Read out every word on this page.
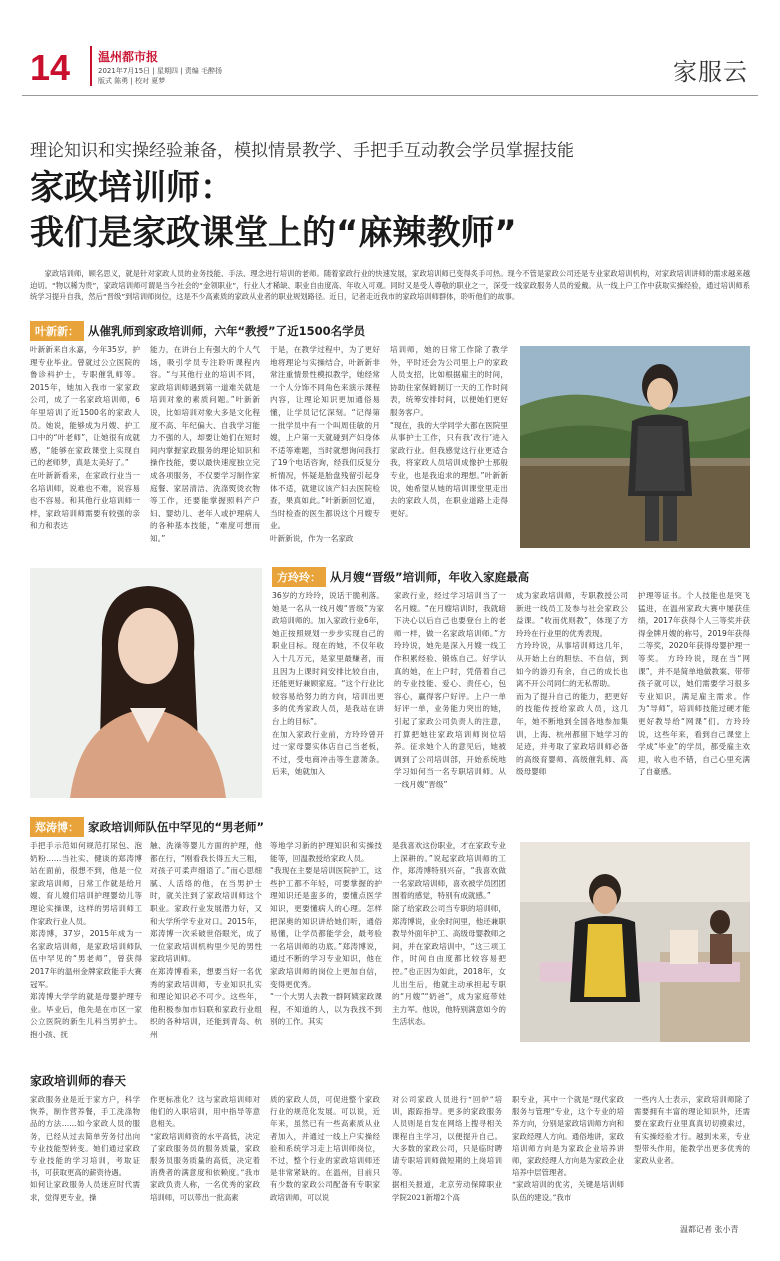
14 温州都市报
2021年7月15日 | 星期四 | 责编 毛醉扬
版式 陈勇 | 校对 夏梦	家服云
理论知识和实操经验兼备，模拟情景教学、手把手互动教会学员掌握技能
家政培训师：
我们是家政课堂上的“麻辣教师”

家政培训师，顾名思义，就是针对家政人员的业务技能、手法、理念进行培训的老师。随着家政行业的快速发展，家政培训师已变得炙手可热。现今不管是家政公司还是专业家政培训机构，对家政培训讲师的需求越来越迫切。“物以稀为贵”，家政培训师可谓是当今社会的“金领职业”，行业人才稀缺、职业自由度高、年收入可观。同时又是受人尊敬的职业之一，深受一线家政服务人员的爱戴。从一线上户工作中获取实操经验，通过培训师系统学习提升自我，然后“晋级”到培训师岗位，这是不少高素质的家政从业者的职业规划路径。近日，记者走近我市的家政培训师群体，聆听他们的故事。

叶新新： 从催乳师到家政培训师，六年“教授”了近1500名学员

叶新新来自永嘉，今年35岁，护理专业毕业。曾就过公立医院的鲁诊科护士，专职催乳师等。2015年，她加入我市一家家政公司，成了一名家政培训师，6年里培训了近1500名的家政人员。她说，能够成为月嫂、护工口中的“叶老师”，让她很有成就感，“能够在家政课堂上实现自己的老师梦，真是太美好了。”
在叶新新看来，在家政行业当一名培训师，说难也不难，说容易也不容易。和其他行业培训师一样，家政培训师需要有较强的亲和力和表达

能力，在讲台上有强大的个人气场，吸引学员专注聆听课程内容。“与其他行业的培训不同，家政培训师遇到第一道难关就是培训对象的素质问题。”叶新新说，比如培训对象大多是文化程度不高、年纪偏大、自我学习能力不强的人，却要让她们在短时间内掌握家政服务的理论知识和操作技能，要以最快速度独立完成各项服务，不仅要学习制作家庭餐、家居清洁、洗涤熨烫衣物等工作，还要能掌握照料产户妇、婴幼儿、老年人或护理病人的各种基本技能，“难度可想而知。”

于是，在教学过程中，为了更好地将理论与实操结合，叶新新非常注重情景性模拟教学，她经常一个人分饰不同角色来演示课程内容，让理论知识更加通俗易懂，让学员记忆深刻。“记得第一批学员中有一个叫周佳敏的月嫂，上户第一天就碰到产妇身体不适等难题，当时就想询问我打了19个电话咨询，经我们反复分析情况，怀疑是胎盘残留引起身体不适，就建议该产妇去医院检查，果真如此。”叶新新回忆道，当时检查的医生都说这个月嫂专业。
叶新新说，作为一名家政

培训师，她的日常工作除了教学外，平时还会为公司里上户的家政人员支招，比如根据雇主的时间，协助住家保姆制订一天的工作时间表，统筹安排时间，以便她们更好服务客户。
“现在，我的大学同学大都在医院里从事护士工作，只有我‘改行’进入家政行业。但我感觉这行业更适合我，将家政人员培训成像护士那般专业，也是我追求的理想。”叶新新说，她希望从她的培训课堂里走出去的家政人员，在职业道路上走得更好。

方玲玲： 从月嫂“晋级”培训师，年收入家庭最高

36岁的方玲玲，说话干脆利落。她是一名从一线月嫂“晋级”为家政培训师的。加入家政行业6年，她正按照规划一步步实现自己的职业目标。现在的她，不仅年收入十几万元，是家里最赚者，而且因为上课时间安排比较自由，还能更好兼顾家庭。“这个行业比较容易给努力的方向，培训出更多的优秀家政人员，是我站在讲台上的目标”。
在加入家政行业前，方玲玲曾开过一家母婴实体店自己当老板，不过，受电商冲击等生意萧条。后来，她就加入

家政行业，经过学习培训当了一名月嫂。“在月嫂培训时，我就暗下决心以后自己也要登台上的老师一样，做一名家政培训师。”方玲玲说，她先是深入月嫂一线工作积累经验、锻炼自己。好学认真的她，在上户时，凭借着自己的专业技能、爱心、责任心，包容心，赢得客户好评。上户一单好评一单，业务能力突出的她，引起了家政公司负责人的注意，打算把她往家政培训师岗位培养。征求她个人的意见后，她被调到了公司培训部，开始系统地学习如何当一名专职培训师。从一线月嫂“晋级”

成为家政培训师，专职教授公司新进一线员工及参与社会家政公益课。“收而优则教”，体现了方玲玲在行业里的优秀表现。
方玲玲说，从事培训师这几年，从开始上台的胆怯、不自信，到如今的游刃有余，自己的成长也离不开公司同仁的无私帮助。
而为了提升自己的能力，把更好的技能传授给家政人员，这几年，她不断地到全国各地参加集训，上海、杭州都留下她学习的足迹，并考取了家政培训师必备的高级育婴师、高级催乳师、高级母婴师

护理等证书。个人技能也是突飞猛进，在温州家政大赛中屡获佳绩，2017年获得个人三等奖并获得金牌月嫂的称号，2019年获得二等奖，2020年获得母婴护理一等奖。 方玲玲说，现在当“网课”，并不是简单地做教案、带带孩子就可以，她们需要学习很多专业知识，满足雇主需求。作为“导师”，培训师技能过硬才能更好教导给“网课”们。方玲玲说，这些年来，看到自己课堂上学成“毕业”的学员，都受雇主欢迎，收入也不错，自己心里充满了自豪感。

郑涛博： 家政培训师队伍中罕见的“男老师”

手把手示范如何规范打尿包、泡奶粉……当社实、健谈的郑涛博站在面前，很想不到，他是一位家政培训师，日常工作就是给月嫂、育儿嫂们培训护理婴幼儿等理论实操课，这样的男培训师工作家政行业人员。
郑涛博，37岁，2015年成为一名家政培训师，是家政培训师队伍中罕见的“男老师”，曾获得2017年的温州金牌家政能手大赛冠军。
郑涛博大学学的就是母婴护理专业。毕业后，他先是在市区一家公立医院的新生儿科当男护士。抱小孩、抚

触、洗澡等婴儿方面的护理，他都在行，“刚看我长得五大三粗，对孩子可柔声细语了。”而心思细腻、人活络的他，在当男护士时，就关注到了家政培训师这个职业。家政行业发展潜力好，又和大学所学专业对口。2015年，郑涛博一次采破世俗眼光，成了一位家政培训机构里少见的男性家政培训师。
在郑涛博看来，想要当好一名优秀的家政培训师，专业知识扎实和理论知识必不可少。这些年，他积极参加市妇联和家政行业组织的各种培训，还能到青岛、杭州

等地学习新的护理知识和实操技能等，回温教授给家政人员。
“我现在主要是培训医院护工，这些护工都不年轻，可要掌握的护理知识还是蛮多的，要懂点医学知识，更要懂病人的心理。怎样把深奥的知识讲给她们听，通俗易懂，让学员都能学会，最考验一名培训师的功底。”郑涛博说，通过不断的学习专业知识，他在家政培训师的岗位上更加自信，变得更优秀。
“一个大男人去教一群阿姨家政课程，不知道的人，以为我找不到别的工作。其实

是我喜欢这份职业，才在家政专业上深耕的。”说起家政培训师的工作，郑涛博特别兴奋，“我喜欢做一名家政培训师，喜欢被学员团团围着的感觉，特别有成就感。”
除了给家政公司当专职的培训师，郑涛博说，业余时间里，他还兼职教导外面年护工、高级母婴教师之间，并在家政培训中，“这三项工作，时间自由度都比较容易把控。”也正因为如此，2018年，女儿出生后，他就主动承担起专职的“月嫂”“奶爸”，成为家庭带娃主力军。他说，他特别满意如今的生活状态。

家政培训师的春天

家政服务业是近于家方户，科学恢养，制作营养餐，手工洗涤物品的方法……如今家政人员的服务，已经从过去简单劳务付出向专业技能型转变。她们通过家政专业技能的学习培训，考取证书，可获取更高的薪资待遇。
如何让家政服务人员迷应时代需求，觉得更专业，操

作更标准化？这与家政培训师对他们的入职培训，用中指导等意息相关。
“家政培训师资的水平高低，决定了家政服务员的服务质量，家政服务员服务质量的高低，决定着消费者的满意度和依赖度。”我市家政负责人称，一名优秀的家政培训师，可以带出一批高素

质的家政人员，可促进整个家政行业的规范化发展。可以说，近年来，虽然已有一些高素质从业者加入，并通过一线上户实操经验和系统学习走上培训师岗位，不过，整个行业的家政培训师还是非常紧缺的。在温州，目前只有少数的家政公司配备有专职家政培训师，可以说

对公司家政人员进行“回炉”培训，跟踪指导。更多的家政服务人员则是自发在网络上搜寻相关课程自主学习，以便提升自己。大多数的家政公司，只是临时聘请专职培训师做短期的上岗培训等。
据相关报道，北京劳动保障职业学院2021新增2个高

职专业，其中一个就是“现代家政服务与管理”专业，这个专业的培养方向，分别是家政培训师方向和家政经理人方向。通俗地讲，家政培训师方向是为家政企业培养讲师，家政经理人方向是为家政企业培养中层管理者。
“家政培训的优劣，关键是培训师队伍的建设。”我市

一些内人士表示，家政培训师除了需要拥有丰富的理论知识外，还需要在家政行业里真真切切摸索过，有实操经验才行。越到未来，专业型带头作用，能教学出更多优秀的家政从业者。

温都记者 张小青
